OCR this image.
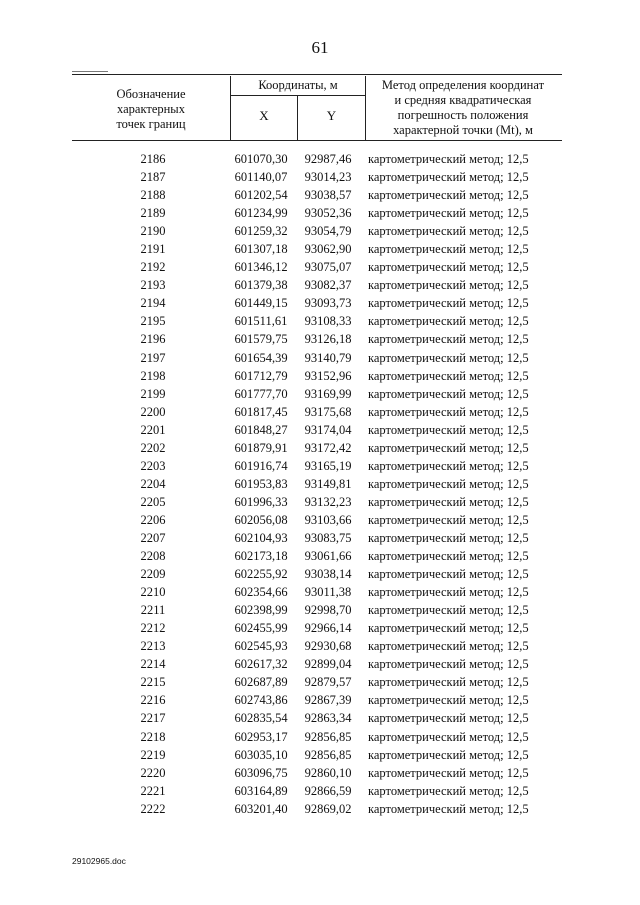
61
Обозначение
характерных
точек границ
Координаты, м
X	Y
Метод определения координат
и средняя квадратическая
погрешность положения
характерной точки (Mt), м
2186	601070,30	92987,46	картометрический метод; 12,5
2187	601140,07	93014,23	картометрический метод; 12,5
2188	601202,54	93038,57	картометрический метод; 12,5
2189	601234,99	93052,36	картометрический метод; 12,5
2190	601259,32	93054,79	картометрический метод; 12,5
2191	601307,18	93062,90	картометрический метод; 12,5
2192	601346,12	93075,07	картометрический метод; 12,5
2193	601379,38	93082,37	картометрический метод; 12,5
2194	601449,15	93093,73	картометрический метод; 12,5
2195	601511,61	93108,33	картометрический метод; 12,5
2196	601579,75	93126,18	картометрический метод; 12,5
2197	601654,39	93140,79	картометрический метод; 12,5
2198	601712,79	93152,96	картометрический метод; 12,5
2199	601777,70	93169,99	картометрический метод; 12,5
2200	601817,45	93175,68	картометрический метод; 12,5
2201	601848,27	93174,04	картометрический метод; 12,5
2202	601879,91	93172,42	картометрический метод; 12,5
2203	601916,74	93165,19	картометрический метод; 12,5
2204	601953,83	93149,81	картометрический метод; 12,5
2205	601996,33	93132,23	картометрический метод; 12,5
2206	602056,08	93103,66	картометрический метод; 12,5
2207	602104,93	93083,75	картометрический метод; 12,5
2208	602173,18	93061,66	картометрический метод; 12,5
2209	602255,92	93038,14	картометрический метод; 12,5
2210	602354,66	93011,38	картометрический метод; 12,5
2211	602398,99	92998,70	картометрический метод; 12,5
2212	602455,99	92966,14	картометрический метод; 12,5
2213	602545,93	92930,68	картометрический метод; 12,5
2214	602617,32	92899,04	картометрический метод; 12,5
2215	602687,89	92879,57	картометрический метод; 12,5
2216	602743,86	92867,39	картометрический метод; 12,5
2217	602835,54	92863,34	картометрический метод; 12,5
2218	602953,17	92856,85	картометрический метод; 12,5
2219	603035,10	92856,85	картометрический метод; 12,5
2220	603096,75	92860,10	картометрический метод; 12,5
2221	603164,89	92866,59	картометрический метод; 12,5
2222	603201,40	92869,02	картометрический метод; 12,5
29102965.doc
